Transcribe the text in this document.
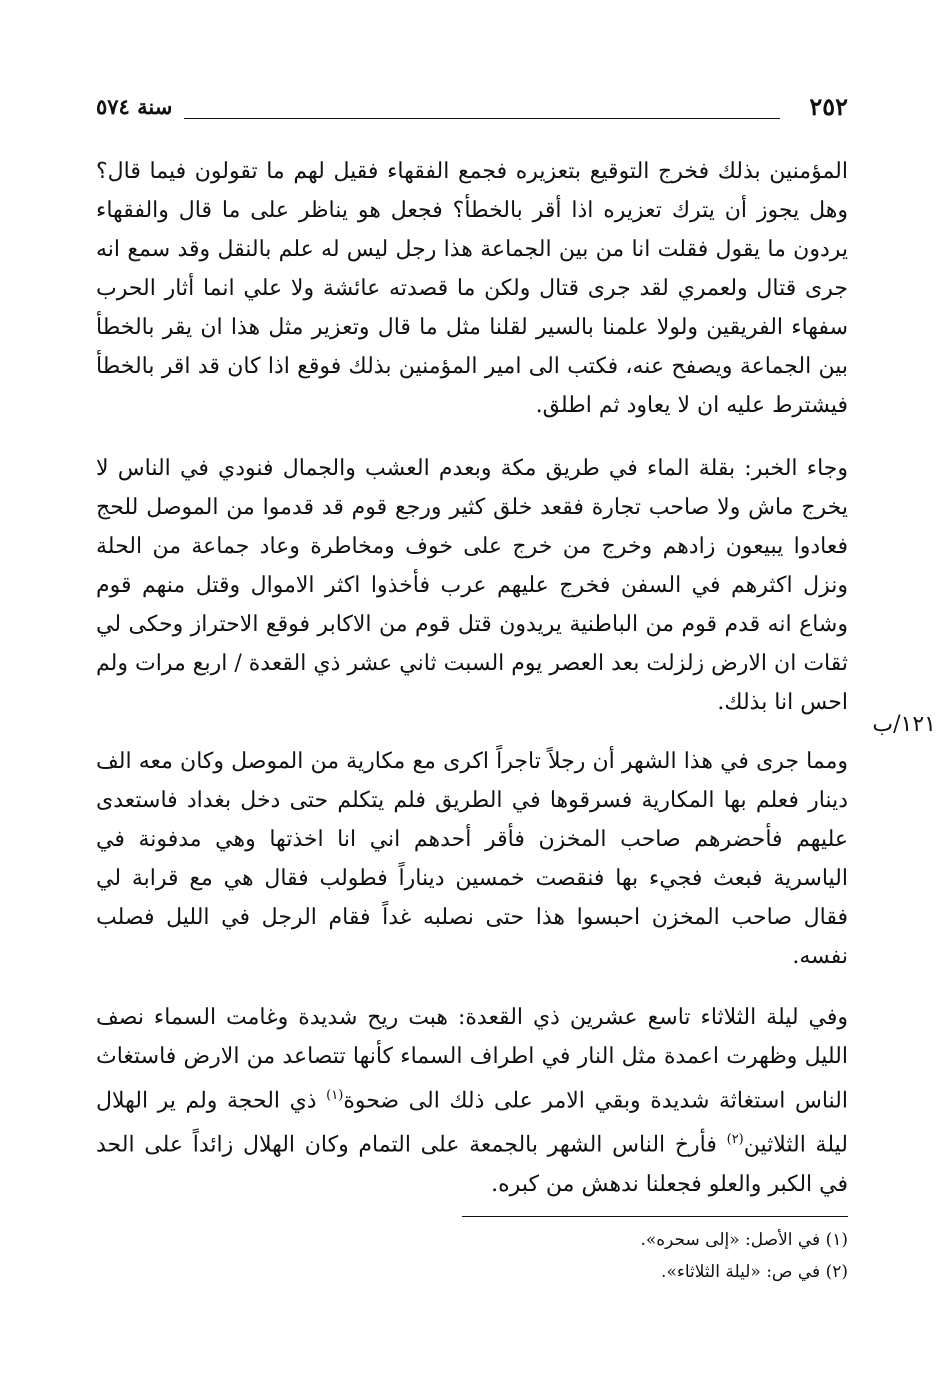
٢٥٢
سنة ٥٧٤
١٢١/ب

المؤمنين بذلك فخرج التوقيع بتعزيره فجمع الفقهاء فقيل لهم ما تقولون فيما قال؟ وهل يجوز أن يترك تعزيره اذا أقر بالخطأ؟ فجعل هو يناظر على ما قال والفقهاء يردون ما يقول فقلت انا من بين الجماعة هذا رجل ليس له علم بالنقل وقد سمع انه جرى قتال ولعمري لقد جرى قتال ولكن ما قصدته عائشة ولا علي انما أثار الحرب سفهاء الفريقين ولولا علمنا بالسير لقلنا مثل ما قال وتعزير مثل هذا ان يقر بالخطأ بين الجماعة ويصفح عنه، فكتب الى امير المؤمنين بذلك فوقع اذا كان قد اقر بالخطأ فيشترط عليه ان لا يعاود ثم اطلق.

وجاء الخبر: بقلة الماء في طريق مكة وبعدم العشب والجمال فنودي في الناس لا يخرج ماش ولا صاحب تجارة فقعد خلق كثير ورجع قوم قد قدموا من الموصل للحج فعادوا يبيعون زادهم وخرج من خرج على خوف ومخاطرة وعاد جماعة من الحلة ونزل اكثرهم في السفن فخرج عليهم عرب فأخذوا اكثر الاموال وقتل منهم قوم وشاع انه قدم قوم من الباطنية يريدون قتل قوم من الاكابر فوقع الاحتراز وحكى لي ثقات ان الارض زلزلت بعد العصر يوم السبت ثاني عشر ذي القعدة / اربع مرات ولم احس انا بذلك.

ومما جرى في هذا الشهر أن رجلاً تاجراً اكرى مع مكارية من الموصل وكان معه الف دينار فعلم بها المكارية فسرقوها في الطريق فلم يتكلم حتى دخل بغداد فاستعدى عليهم فأحضرهم صاحب المخزن فأقر أحدهم اني انا اخذتها وهي مدفونة في الياسرية فبعث فجيء بها فنقصت خمسين ديناراً فطولب فقال هي مع قرابة لي فقال صاحب المخزن احبسوا هذا حتى نصلبه غداً فقام الرجل في الليل فصلب نفسه.

وفي ليلة الثلاثاء تاسع عشرين ذي القعدة: هبت ريح شديدة وغامت السماء نصف الليل وظهرت اعمدة مثل النار في اطراف السماء كأنها تتصاعد من الارض فاستغاث الناس استغاثة شديدة وبقي الامر على ذلك الى ضحوة$^{(١)}$ ذي الحجة ولم ير الهلال ليلة الثلاثين$^{(٢)}$ فأرخ الناس الشهر بالجمعة على التمام وكان الهلال زائداً على الحد في الكبر والعلو فجعلنا ندهش من كبره.

(١) في الأصل: «إلى سحره».

(٢) في ص: «ليلة الثلاثاء».
